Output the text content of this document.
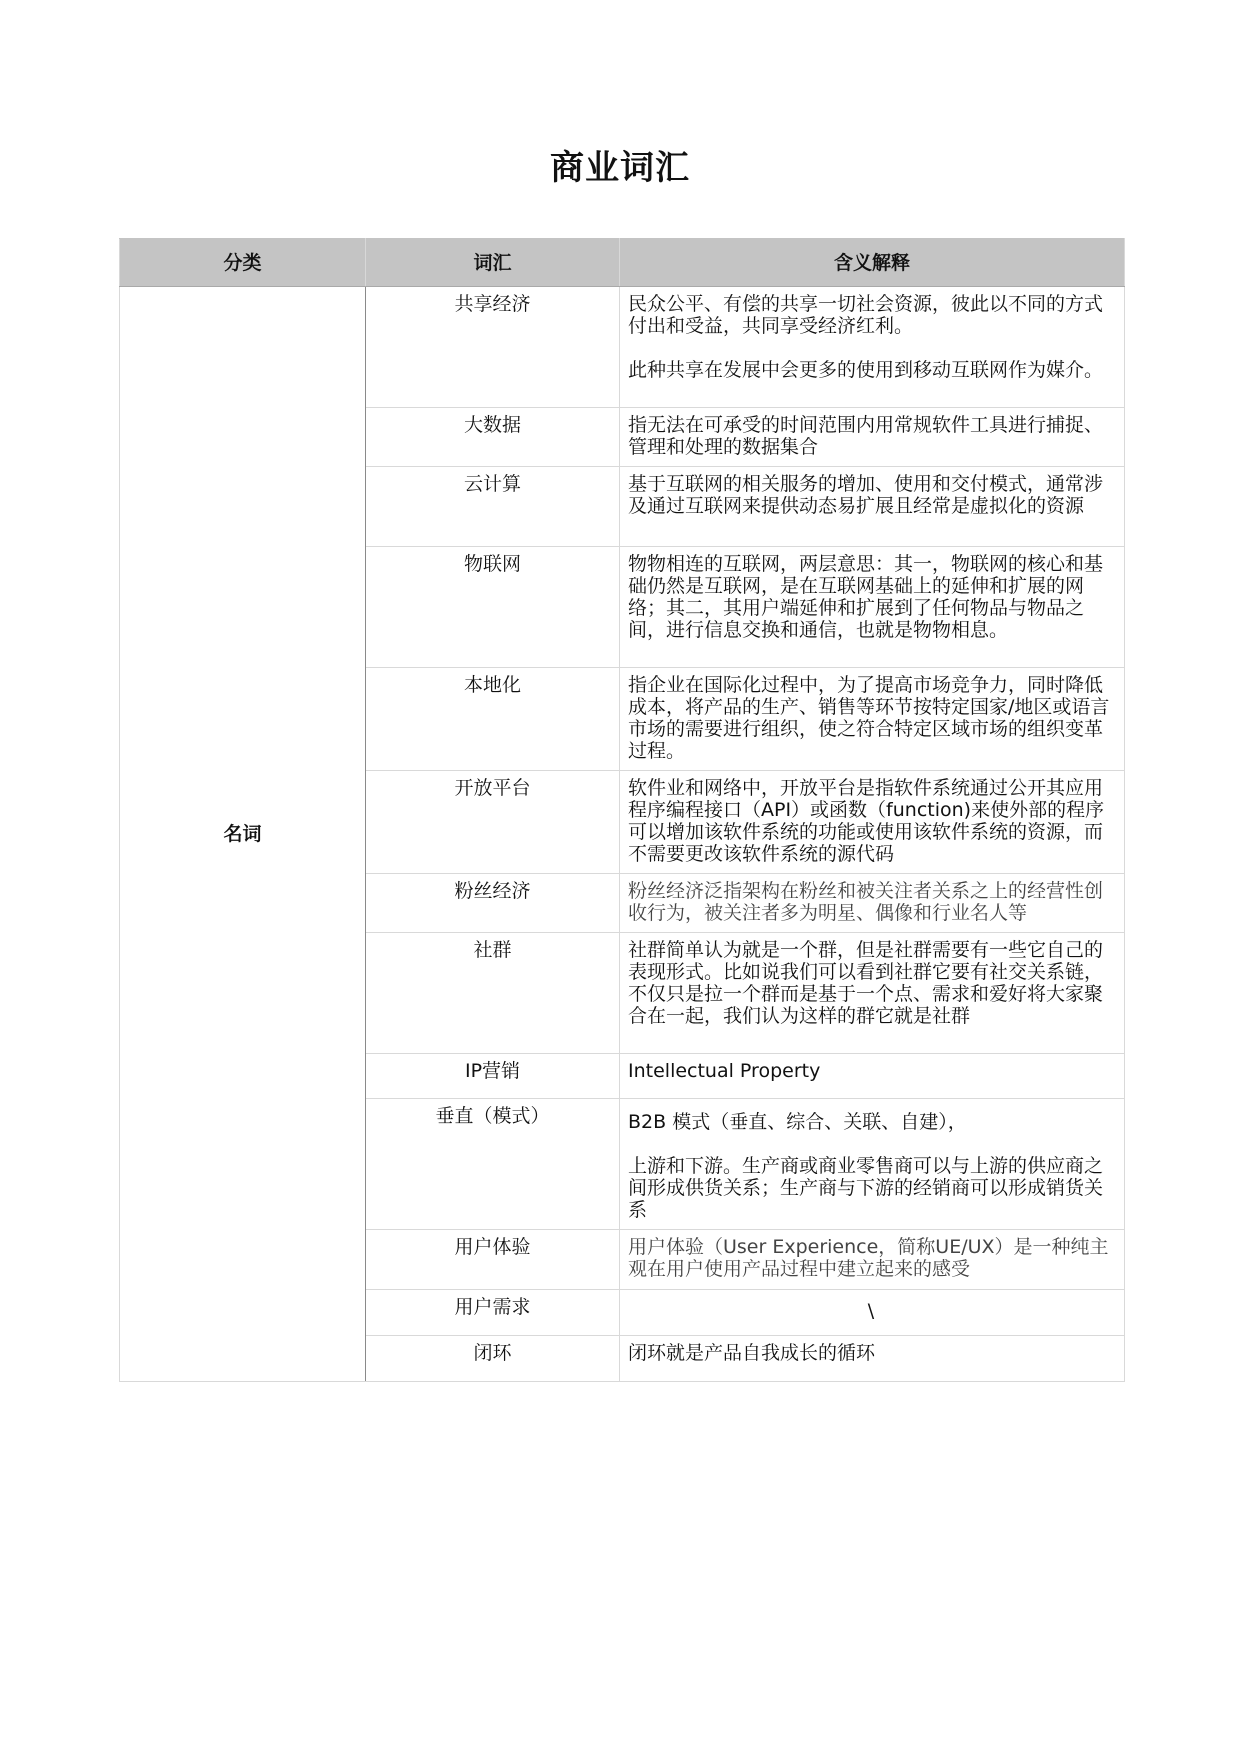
商业词汇
分类	词汇	含义解释
名词	共享经济	民众公平、有偿的共享一切社会资源，彼此以不同的方式付出和受益，共同享受经济红利。
此种共享在发展中会更多的使用到移动互联网作为媒介。

	大数据	指无法在可承受的时间范围内用常规软件工具进行捕捉、管理和处理的数据集合

	云计算	基于互联网的相关服务的增加、使用和交付模式，通常涉及通过互联网来提供动态易扩展且经常是虚拟化的资源

	物联网	物物相连的互联网，两层意思：其一，物联网的核心和基础仍然是互联网，是在互联网基础上的延伸和扩展的网络；其二，其用户端延伸和扩展到了任何物品与物品之间，进行信息交换和通信，也就是物物相息。

	本地化	指企业在国际化过程中，为了提高市场竞争力，同时降低成本，将产品的生产、销售等环节按特定国家/地区或语言市场的需要进行组织，使之符合特定区域市场的组织变革过程。

	开放平台	软件业和网络中，开放平台是指软件系统通过公开其应用程序编程接口（API）或函数（function)来使外部的程序可以增加该软件系统的功能或使用该软件系统的资源，而不需要更改该软件系统的源代码

	粉丝经济	粉丝经济泛指架构在粉丝和被关注者关系之上的经营性创收行为，被关注者多为明星、偶像和行业名人等

	社群	社群简单认为就是一个群，但是社群需要有一些它自己的表现形式。比如说我们可以看到社群它要有社交关系链，不仅只是拉一个群而是基于一个点、需求和爱好将大家聚合在一起，我们认为这样的群它就是社群

	IP营销	Intellectual Property

	垂直（模式）	B2B 模式（垂直、综合、关联、自建），
上游和下游。生产商或商业零售商可以与上游的供应商之间形成供货关系；生产商与下游的经销商可以形成销货关系

	用户体验	用户体验（User Experience，简称UE/UX）是一种纯主观在用户使用产品过程中建立起来的感受

	用户需求	\

	闭环	闭环就是产品自我成长的循环
